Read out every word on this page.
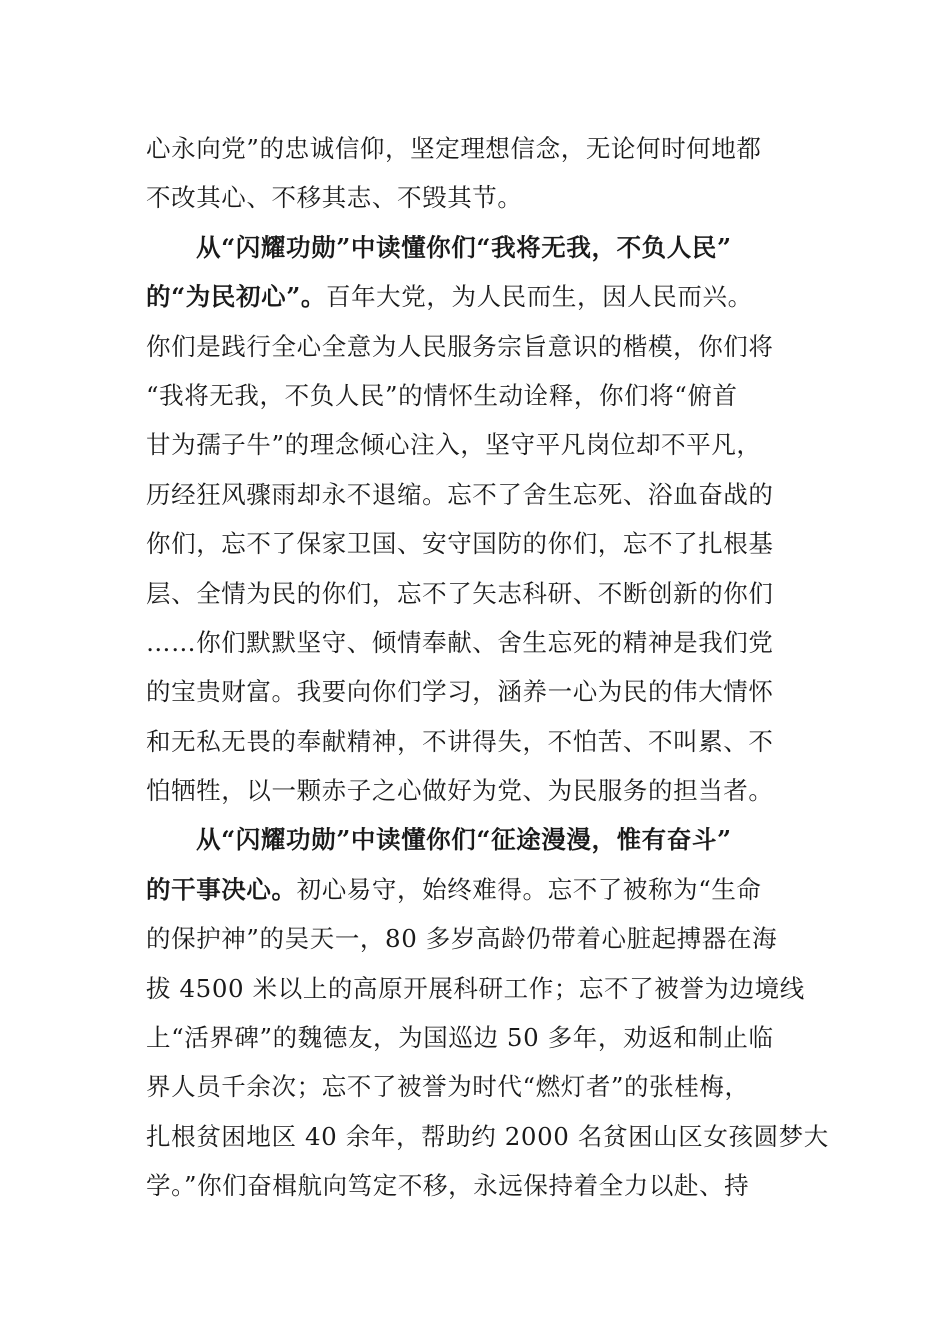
心永向党”的忠诚信仰，坚定理想信念，无论何时何地都
不改其心、不移其志、不毁其节。
从“闪耀功勋”中读懂你们“我将无我，不负人民”
的“为民初心”。百年大党，为人民而生，因人民而兴。
你们是践行全心全意为人民服务宗旨意识的楷模，你们将
“我将无我，不负人民”的情怀生动诠释，你们将“俯首
甘为孺子牛”的理念倾心注入，坚守平凡岗位却不平凡，
历经狂风骤雨却永不退缩。忘不了舍生忘死、浴血奋战的
你们，忘不了保家卫国、安守国防的你们，忘不了扎根基
层、全情为民的你们，忘不了矢志科研、不断创新的你们
……你们默默坚守、倾情奉献、舍生忘死的精神是我们党
的宝贵财富。我要向你们学习，涵养一心为民的伟大情怀
和无私无畏的奉献精神，不讲得失，不怕苦、不叫累、不
怕牺牲，以一颗赤子之心做好为党、为民服务的担当者。
从“闪耀功勋”中读懂你们“征途漫漫，惟有奋斗”
的干事决心。初心易守，始终难得。忘不了被称为“生命
的保护神”的吴天一，80 多岁高龄仍带着心脏起搏器在海
拔 4500 米以上的高原开展科研工作；忘不了被誉为边境线
上“活界碑”的魏德友，为国巡边 50 多年，劝返和制止临
界人员千余次；忘不了被誉为时代“燃灯者”的张桂梅，
扎根贫困地区 40 余年，帮助约 2000 名贫困山区女孩圆梦大
学。”你们奋楫航向笃定不移，永远保持着全力以赴、持
